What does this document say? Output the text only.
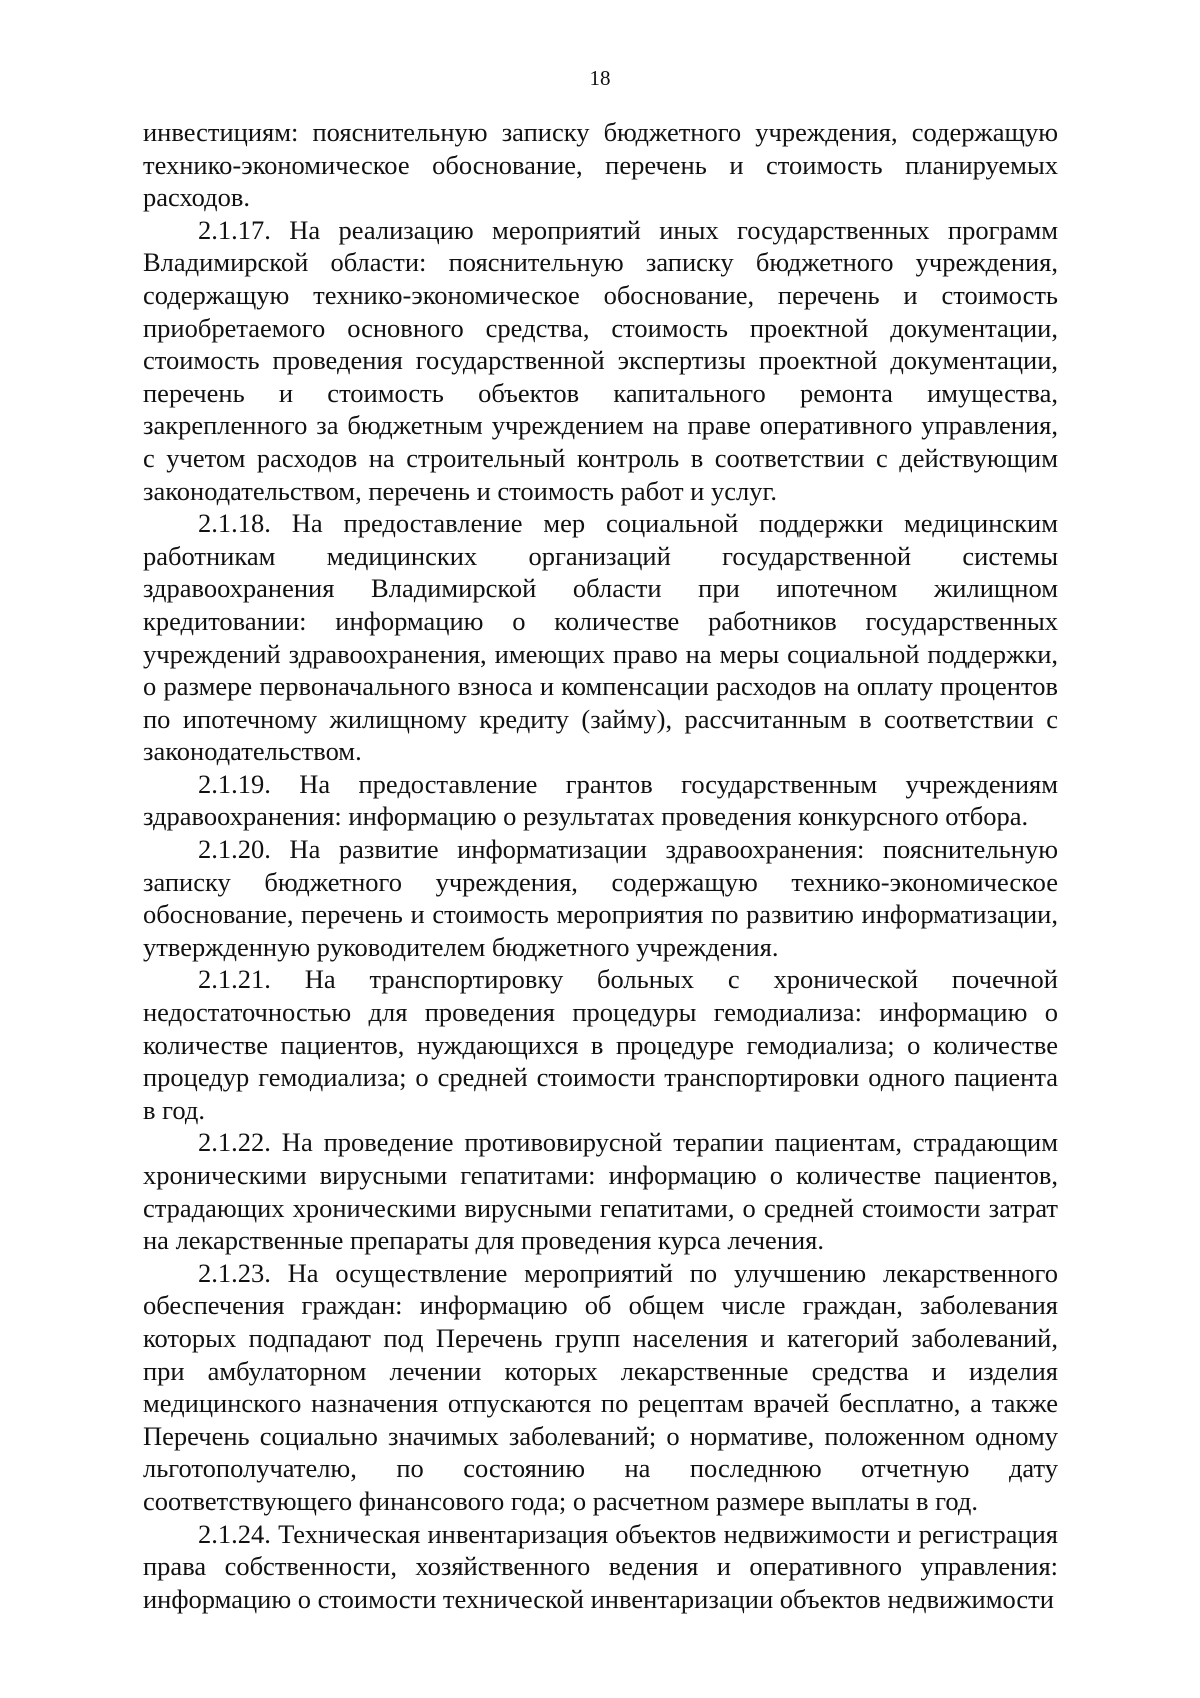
18

инвестициям: пояснительную записку бюджетного учреждения, содержащую технико-экономическое обоснование, перечень и стоимость планируемых расходов.

2.1.17. На реализацию мероприятий иных государственных программ Владимирской области: пояснительную записку бюджетного учреждения, содержащую технико-экономическое обоснование, перечень и стоимость приобретаемого основного средства, стоимость проектной документации, стоимость проведения государственной экспертизы проектной документации, перечень и стоимость объектов капитального ремонта имущества, закрепленного за бюджетным учреждением на праве оперативного управления, с учетом расходов на строительный контроль в соответствии с действующим законодательством, перечень и стоимость работ и услуг.

2.1.18. На предоставление мер социальной поддержки медицинским работникам медицинских организаций государственной системы здравоохранения Владимирской области при ипотечном жилищном кредитовании: информацию о количестве работников государственных учреждений здравоохранения, имеющих право на меры социальной поддержки, о размере первоначального взноса и компенсации расходов на оплату процентов по ипотечному жилищному кредиту (займу), рассчитанным в соответствии с законодательством.

2.1.19. На предоставление грантов государственным учреждениям здравоохранения: информацию о результатах проведения конкурсного отбора.

2.1.20. На развитие информатизации здравоохранения: пояснительную записку бюджетного учреждения, содержащую технико-экономическое обоснование, перечень и стоимость мероприятия по развитию информатизации, утвержденную руководителем бюджетного учреждения.

2.1.21. На транспортировку больных с хронической почечной недостаточностью для проведения процедуры гемодиализа: информацию о количестве пациентов, нуждающихся в процедуре гемодиализа; о количестве процедур гемодиализа; о средней стоимости транспортировки одного пациента в год.

2.1.22. На проведение противовирусной терапии пациентам, страдающим хроническими вирусными гепатитами: информацию о количестве пациентов, страдающих хроническими вирусными гепатитами, о средней стоимости затрат на лекарственные препараты для проведения курса лечения.

2.1.23. На осуществление мероприятий по улучшению лекарственного обеспечения граждан: информацию об общем числе граждан, заболевания которых подпадают под Перечень групп населения и категорий заболеваний, при амбулаторном лечении которых лекарственные средства и изделия медицинского назначения отпускаются по рецептам врачей бесплатно, а также Перечень социально значимых заболеваний; о нормативе, положенном одному льготополучателю, по состоянию на последнюю отчетную дату соответствующего финансового года; о расчетном размере выплаты в год.

2.1.24. Техническая инвентаризация объектов недвижимости и регистрация права собственности, хозяйственного ведения и оперативного управления: информацию о стоимости технической инвентаризации объектов недвижимости
